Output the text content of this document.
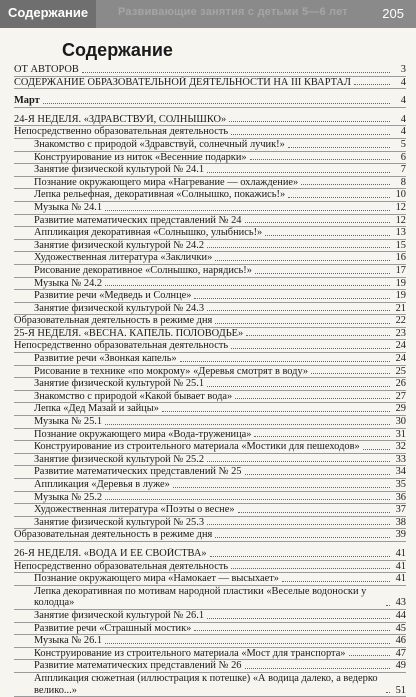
Содержание	Развивающие занятия с детьми 5—6 лет	205
Содержание
ОТ АВТОРОВ	3
СОДЕРЖАНИЕ ОБРАЗОВАТЕЛЬНОЙ ДЕЯТЕЛЬНОСТИ НА III КВАРТАЛ	4
Март	4
24-Я НЕДЕЛЯ. «ЗДРАВСТВУЙ, СОЛНЫШКО»	4
Непосредственно образовательная деятельность	4
Знакомство с природой «Здравствуй, солнечный лучик!»	5
Конструирование из ниток «Весенние подарки»	6
Занятие физической культурой № 24.1	7
Познание окружающего мира «Нагревание — охлаждение»	8
Лепка рельефная, декоративная «Солнышко, покажись!»	10
Музыка № 24.1	12
Развитие математических представлений № 24	12
Аппликация декоративная «Солнышко, улыбнись!»	13
Занятие физической культурой № 24.2	15
Художественная литература «Заклички»	16
Рисование декоративное «Солнышко, нарядись!»	17
Музыка № 24.2	19
Развитие речи «Медведь и Солнце»	19
Занятие физической культурой № 24.3	21
Образовательная деятельность в режиме дня	22
25-Я НЕДЕЛЯ. «ВЕСНА. КАПЕЛЬ. ПОЛОВОДЬЕ»	23
Непосредственно образовательная деятельность	24
Развитие речи «Звонкая капель»	24
Рисование в технике «по мокрому» «Деревья смотрят в воду»	25
Занятие физической культурой № 25.1	26
Знакомство с природой «Какой бывает вода»	27
Лепка «Дед Мазай и зайцы»	29
Музыка № 25.1	30
Познание окружающего мира «Вода-труженица»	31
Конструирование из строительного материала «Мостики для пешеходов»	32
Занятие физической культурой № 25.2	33
Развитие математических представлений № 25	34
Аппликация «Деревья в луже»	35
Музыка № 25.2	36
Художественная литература «Поэты о весне»	37
Занятие физической культурой № 25.3	38
Образовательная деятельность в режиме дня	39
26-Я НЕДЕЛЯ. «ВОДА И ЕЕ СВОЙСТВА»	41
Непосредственно образовательная деятельность	41
Познание окружающего мира «Намокает — высыхает»	41
Лепка декоративная по мотивам народной пластики «Веселые водоноски у колодца»	43
Занятие физической культурой № 26.1	44
Развитие речи «Страшный мостик»	45
Музыка № 26.1	46
Конструирование из строительного материала «Мост для транспорта»	47
Развитие математических представлений № 26	49
Аппликация сюжетная (иллюстрация к потешке) «А водица далеко, а ведерко велико...»	51
